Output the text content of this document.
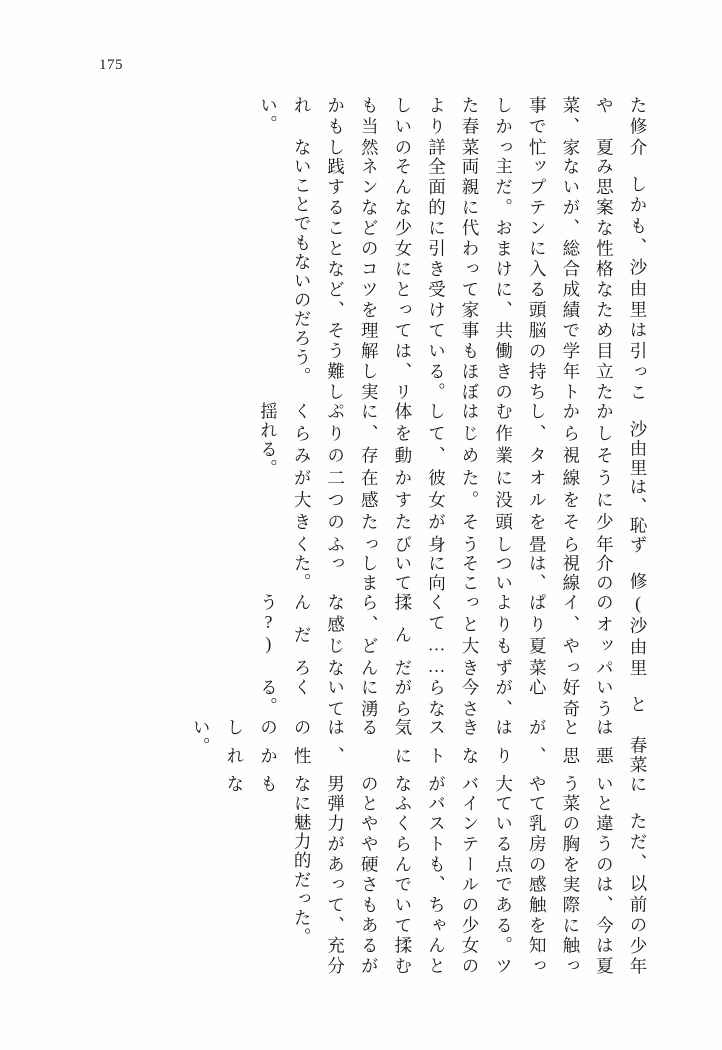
175

た修介や夏菜、家事で忙しかった春菜より詳しいのも当然かもしれない。

しかも、沙由里は引っこみ思案な性格なため目立たないが、総合成績で学年トップテンに入る頭脳の持ち主だ。おまけに、共働きの両親に代わって家事もほぼ全面的に引き受けている。そんな少女にとっては、リネンなどのコツを理解し実践することなど、そう難しいことでもないのだろう。

沙由里は、恥ずかしそうに少年から視線をそらし、タオルを畳む作業に没頭しはじめた。そうして、彼女が身体を動かすたびに、存在感たっぷりの二つのふくらみが大きく揺れる。

修介の視線は、ついそこに向いてしまった。

(沙由里のオッパイ、やっぱり夏菜よりもずっと大きくて……揉んだら、どんな感じなんだろう?)

という好奇心が、今さらながらに湧いてくる。

春菜には悪いと思うが、やはり大きなバストが気になるのは、男の性なのかもしれない。

ただ、以前の少年と違うのは、今は夏菜の胸を実際に触って乳房の感触を知っている点である。ツインテールの少女のバストも、ちゃんとふくらんでいて揉むとやや硬さもあるが弾力があって、充分に魅力的だった。
